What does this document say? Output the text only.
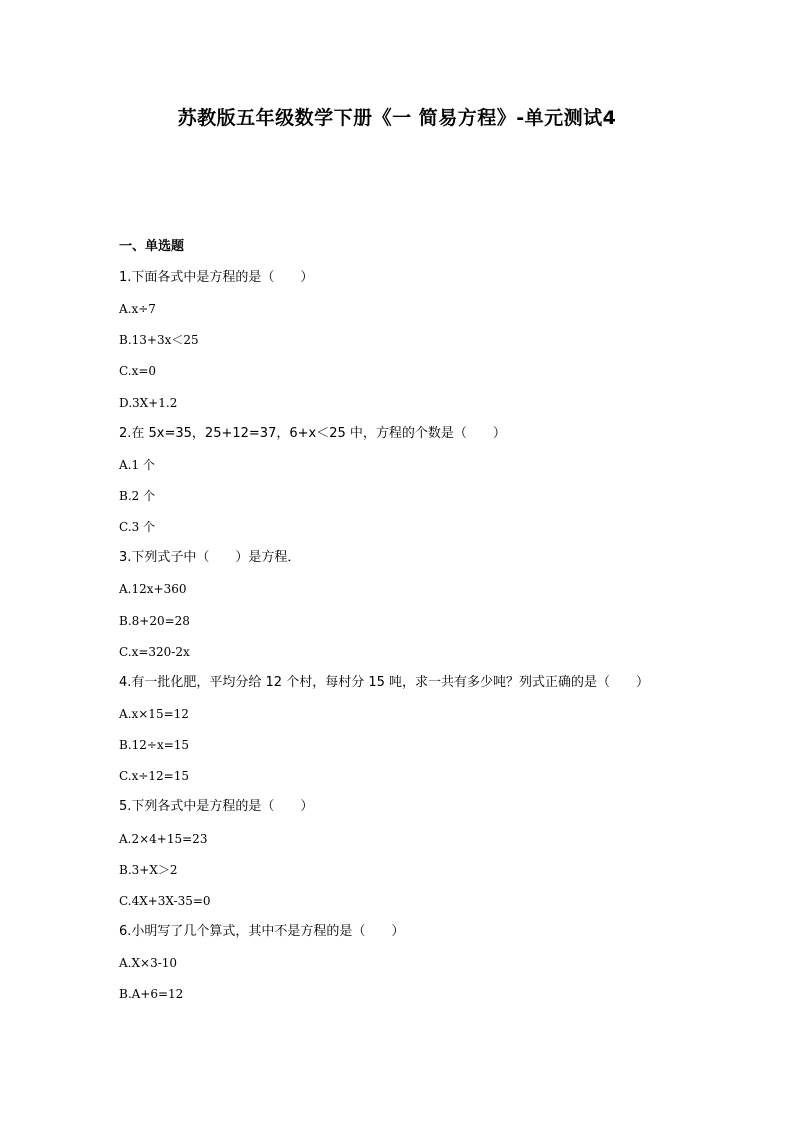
苏教版五年级数学下册《一 简易方程》-单元测试4
一、单选题
1.下面各式中是方程的是（　　）
A.x÷7
B.13+3x＜25
C.x=0
D.3X+1.2
2.在 5x=35，25+12=37，6+x＜25 中，方程的个数是（　　）
A.1 个
B.2 个
C.3 个
3.下列式子中（　　）是方程．
A.12x+360
B.8+20=28
C.x=320-2x
4.有一批化肥，平均分给 12 个村，每村分 15 吨，求一共有多少吨？列式正确的是（　　）
A.x×15=12
B.12÷x=15
C.x÷12=15
5.下列各式中是方程的是（　　）
A.2×4+15=23
B.3+X＞2
C.4X+3X-35=0
6.小明写了几个算式，其中不是方程的是（　　）
A.X×3-10
B.A+6=12
